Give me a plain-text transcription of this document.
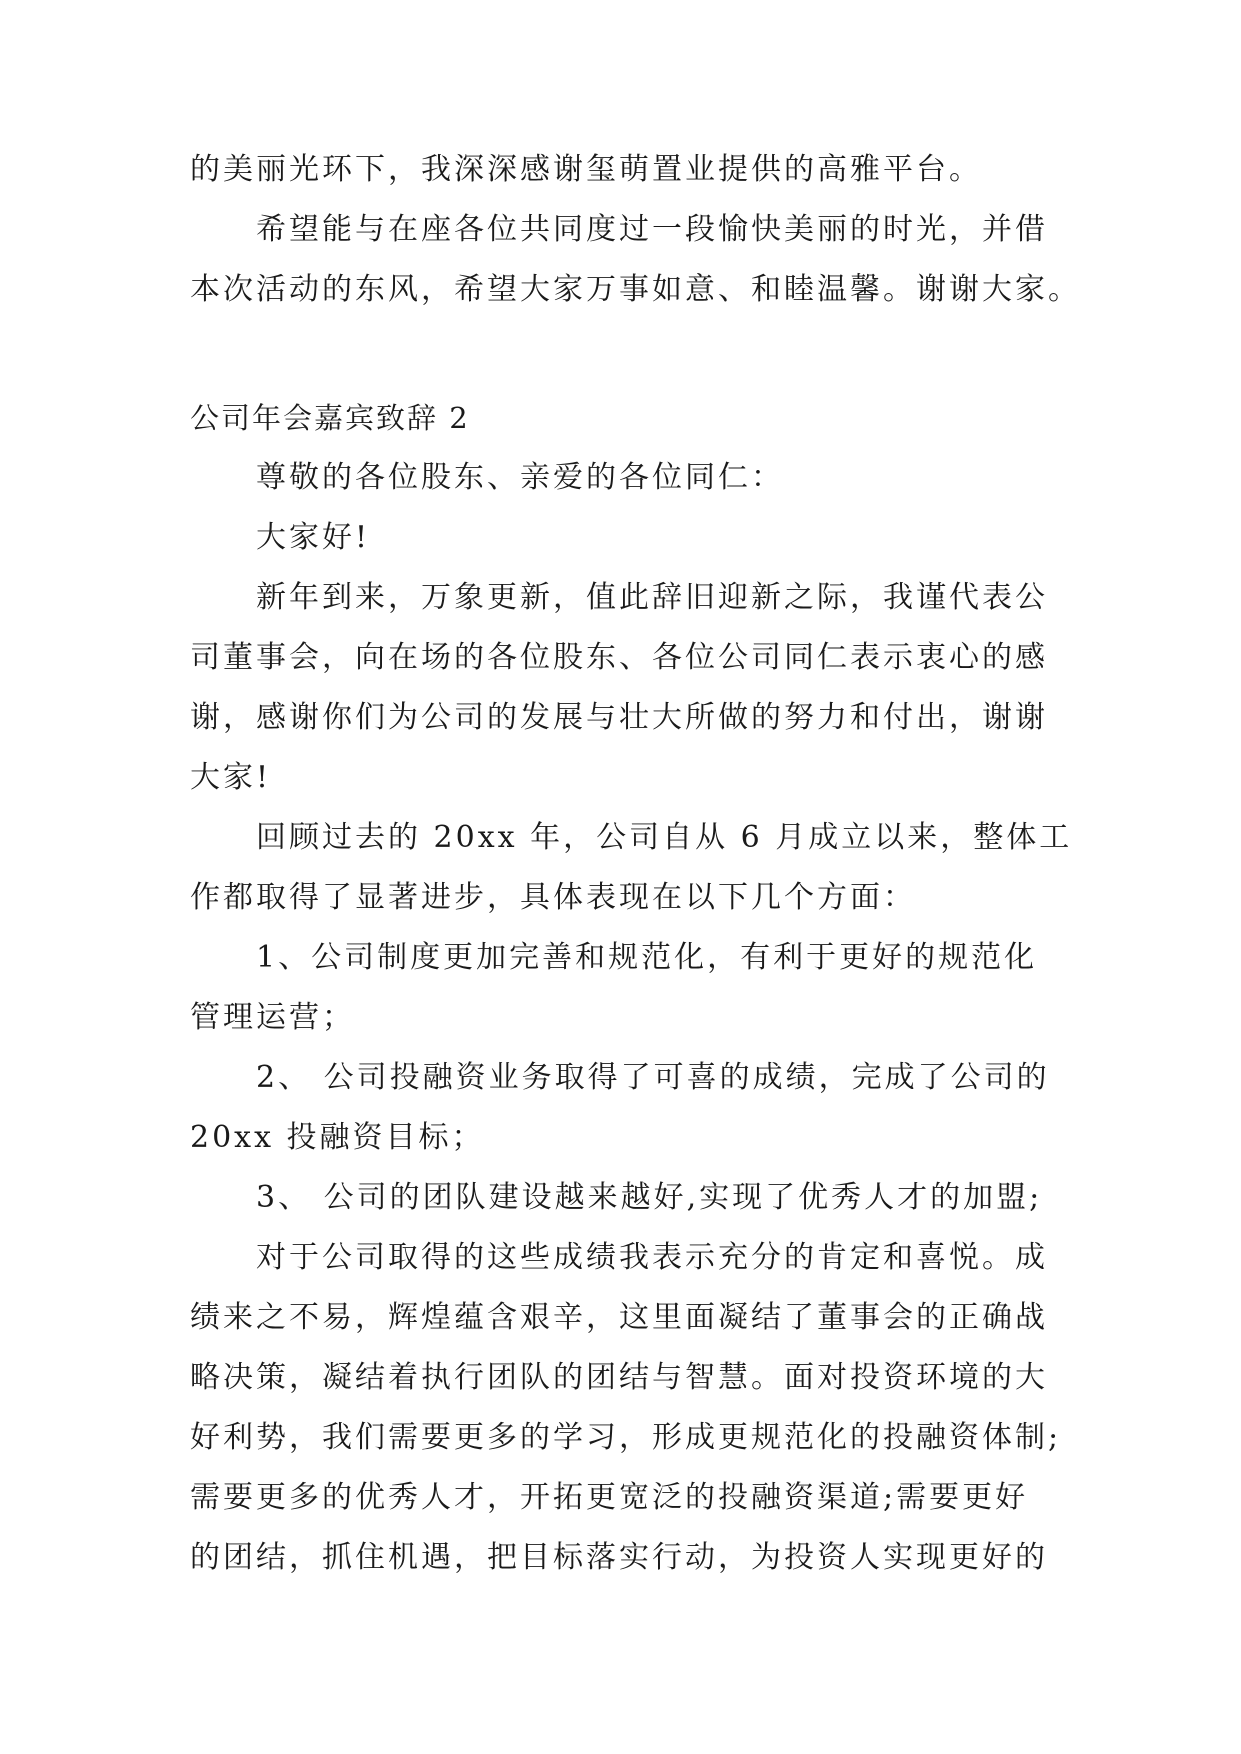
的美丽光环下，我深深感谢玺萌置业提供的高雅平台。
希望能与在座各位共同度过一段愉快美丽的时光，并借
本次活动的东风，希望大家万事如意、和睦温馨。谢谢大家。
公司年会嘉宾致辞 2
尊敬的各位股东、亲爱的各位同仁：
大家好!
新年到来，万象更新，值此辞旧迎新之际，我谨代表公
司董事会，向在场的各位股东、各位公司同仁表示衷心的感
谢，感谢你们为公司的发展与壮大所做的努力和付出，谢谢
大家!
回顾过去的 20xx 年，公司自从 6 月成立以来，整体工
作都取得了显著进步，具体表现在以下几个方面：
1、公司制度更加完善和规范化，有利于更好的规范化
管理运营；
2、 公司投融资业务取得了可喜的成绩，完成了公司的
20xx 投融资目标；
3、 公司的团队建设越来越好,实现了优秀人才的加盟;
对于公司取得的这些成绩我表示充分的肯定和喜悦。成
绩来之不易，辉煌蕴含艰辛，这里面凝结了董事会的正确战
略决策，凝结着执行团队的团结与智慧。面对投资环境的大
好利势，我们需要更多的学习，形成更规范化的投融资体制;
需要更多的优秀人才，开拓更宽泛的投融资渠道;需要更好
的团结，抓住机遇，把目标落实行动，为投资人实现更好的
